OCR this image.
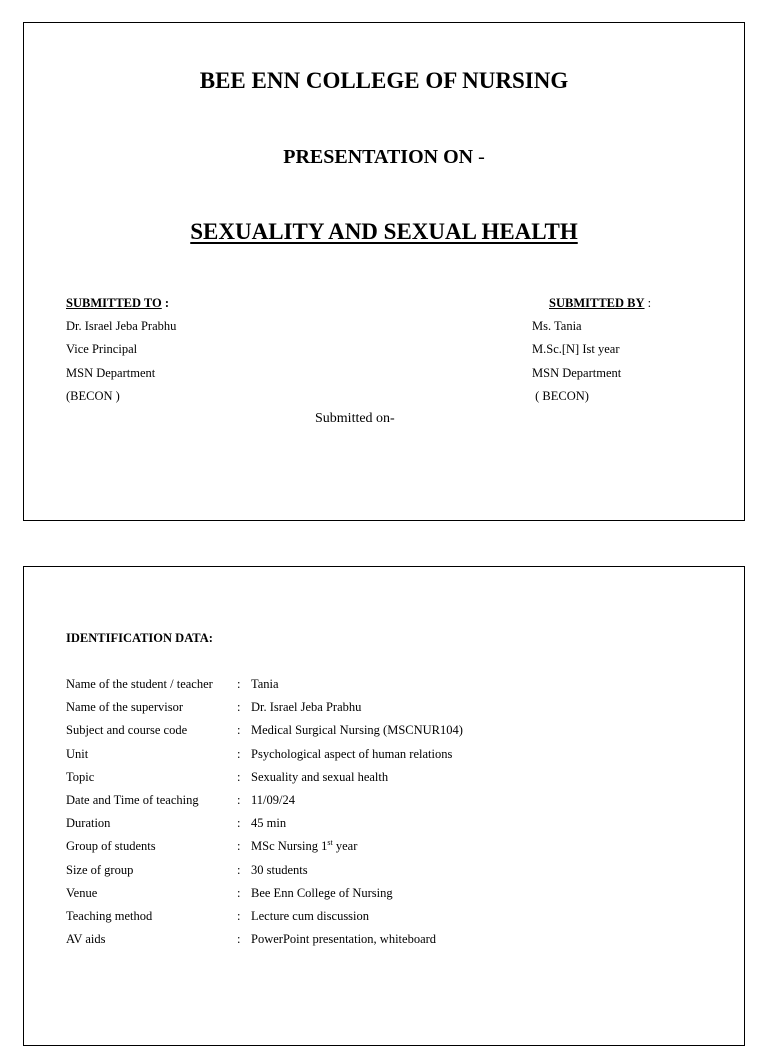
BEE ENN COLLEGE OF NURSING
PRESENTATION ON -
SEXUALITY AND SEXUAL HEALTH
SUBMITTED TO :
Dr. Israel Jeba Prabhu
Vice Principal
MSN Department
(BECON )
SUBMITTED BY :
Ms. Tania
M.Sc.[N] Ist year
MSN Department
( BECON)
Submitted on-
IDENTIFICATION DATA:
Name of the student / teacher	:	Tania
Name of the supervisor	:	Dr. Israel Jeba Prabhu
Subject and course code	:	Medical Surgical Nursing (MSCNUR104)
Unit	:	Psychological aspect of human relations
Topic	:	Sexuality and sexual health
Date and Time of teaching	:	11/09/24
Duration	:	45 min
Group of students	:	MSc Nursing 1st year
Size of group	:	30 students
Venue	:	Bee Enn College of Nursing
Teaching method	:	Lecture cum discussion
AV aids	:	PowerPoint presentation, whiteboard
